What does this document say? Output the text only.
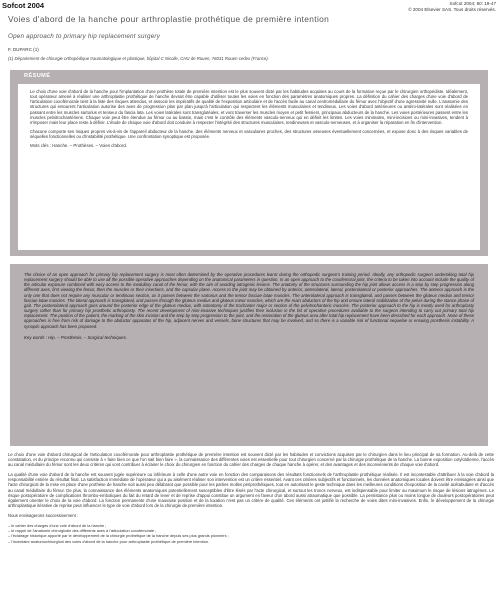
Sofcot 2004	Sofcot 2004; 80: 19-47
© 2004 Elsevier SAS. Tous droits réservés.
Voies d'abord de la hanche pour arthroplastie prothétique de première intention
Open approach to primary hip replacement surgery
F. DUPARC (1)
(1) Département de chirurgie orthopédique traumatologique et plastique, hôpital C Nicolle, CHU de Rouen, 76031 Rouen cedex (France).
RÉSUMÉ

Le choix d'une voie d'abord de la hanche pour l'implantation d'une prothèse totale de première intention est le plus souvent dicté par les habitudes acquises au cours de la formation reçue par le chirurgien orthopédiste. Idéalement, tout opérateur amené à réaliser une arthroplastie prothétique de hanche devrait être capable d'utiliser toutes les voies en fonction des paramètres anatomiques propres. La définition du cahier des charges d'une voie d'abord de l'articulation coxofémorale tient à la liste des risques attendus, et associe les impératifs de qualité de l'exposition articulaire et de l'accès facile au canal centromédullaire du fémur avec l'objectif d'une agressivité nulle. L'anatomie des structures qui entourent l'articulation autorise des axes de progression plan par plan jusqu'à l'articulation qui respectent les éléments musculaires et tendineux. Les voies d'abord antérieures ou antéro-latérales sont réalisées en passant entre les muscles sartorius et tenseur du fascia lata. Les voies latérales sont transglutéales, et vont traverser les muscles moyen et petit fessiers, principaux abducteurs de la hanche. Les voies postérieures passent entre les muscles pelvitrochantériens. Chaque voie peut être étendue au fémur ou au bassin, mais c'est le contrôle des éléments vasculo-nerveux qui en définit les limites. Les voies minimales, mini-incisions ou mini-invasives, tendent à s'imposer mais leur place reste à définir. L'étude de chaque voie d'abord doit conduire à respecter l'intégrité des structures musculaires, tendineuses et vasculo-nerveuses, et à organiser la réparation en fin d'intervention.

Chacune comporte ses risques propres vis-à-vis de l'appareil abducteur de la hanche, des éléments nerveux et vasculaires proches, des structures osseuses éventuellement concernées, et expose donc à des risques variables de séquelles fonctionnelles ou d'instabilité prothétique. Une confrontation synoptique est proposée.

Mots clés : Hanche. – Prothèses. – Voies d'abord.

The choice of an open approach for primary hip replacement surgery is most often determined by the operative procedures learnt during the orthopedic surgeon's training period. Ideally, any orthopedic surgeon undertaking total hip replacement surgery should be able to use all the possible operative approaches depending on the anatomical parameters in question. In an open approach to the coxofemoral joint, the criteria to be taken into account include the quality of the articular exposure combined with easy access to the medullary canal of the femur, with the aim of avoiding iatrogenic lesions. The anatomy of the structures surrounding the hip joint allows access in a step by step progression along different axes, first viewing the femur, then the muscles or their insertions, and the capsular plane. Access to the joint may be obtained by anterior, anterolateral, lateral, posterolateral or posterior approaches. The anterior approach is the only one that does not require any muscular or tendinous section, as it passes between the sartorius and the tensor fasciae latae muscles. The anterolateral approach is transgluteal, and passes between the gluteus medius and tensor fasciae latae muscles. The lateral approach is transgluteal, and passes through the gluteus medius and gluteus minor muscles, which are the main abductors of the hip and ensure lateral stabilization of the pelvis during the stance phase of gait. The posterolateral approach goes around the posterior edge of the gluteus medius, with osteotomy of the trochanter major or section of the pelvitrochanteric muscles. The posterior approach to the hip is mostly used for arthroplasty surgery rather than for primary hip prosthetic arthroplasty. The recent development of mini-invasive techniques justifies their inclusion in the list of operative procedures available to the surgeon intending to carry out primary total hip replacement. The position of the patient, the marking of the skin incision and the step by step progression to the joint, and the restoration of the gluteus area after total hip replacement have been described for each approach. None of these approaches is free from risk of damage to the abductor apparatus of the hip, adjacent nerves and vessels, bone structures that may be involved, and so there is a variable risk of functional sequelae or ensuing prosthesis instability. A synoptic approach has been proposed.

Key words : Hip. – Prosthesis. – Surgical techniques.

Le choix d'une voie d'abord chirurgical de l'articulation coxofémorale pour arthroplastie prothétique de première intention est souvent dicté par les habitudes et convictions acquises par le chirurgien dans le lieu principal de sa formation. Au-delà de cette constatation, et du principe reconnu qui consiste à « faire bien ce que l'on sait bien faire », la connaissance des différentes voies est essentielle pour tout chirurgien concerné par la chirurgie prothétique de la hanche. La bonne exposition cotyloïdienne, l'accès au canal médullaire du fémur sont les deux critères qui vont contribuer à éclairer le choix du chirurgien en fonction du cahier des charges de chaque hanche à opérer, et des avantages et des inconvénients de chaque voie d'abord.

La qualité d'une voie d'abord de la hanche est souvent jugée supérieure ou inférieure à celle d'une autre voie en fonction des comparaisons des résultats fonctionnels de l'arthroplastie prothétique réalisée. Il est incontestable d'attribuer à la voie d'abord la responsabilité entière du résultat final. La satisfaction immédiate de l'opérateur qui a pu aisément réaliser son intervention est un critère essentiel. Avant ces critères subjectifs et fonctionnels, les données anatomiques locales doivent être envisagées ainsi que l'acte chirurgical de la mise en place d'une prothèse de hanche soit aussi peu délabrant que possible pour les parties molles périprothétiques, tout en autorisant le geste technique dans les meilleures conditions d'exposition de la cavité acétabulaire et d'accès au canal médullaire du fémur. De plus, la connaissance des éléments anatomiques potentiellement susceptibles d'être lésés par l'acte chirurgical, et surtout les troncs nerveux, est indispensable pour limiter au maximum le risque de lésions iatrogènes. Le risque postopératoire de complications thrombo-emboliques du fait du retard de lever et de reprise d'appui constitue un argument en faveur d'un abord aussi atraumatique que possible. La persistance plus ou moins longue de douleurs postopératoires peut également orienter le choix de la voie d'abord. La fonction permanente d'une mauvaise position et de la luxation n'est pas un critère de qualité. Ces éléments ont justifié la recherche de voies dites mini-invasives. Enfin, le développement de la chirurgie arthroplastique itérative de reprise peut influencer le type de voie d'abord lors de la chirurgie de première intention.

Nous envisagerons successivement :

– le cahier des charges d'une voie d'abord de la hanche ;
– le rappel de l'anatomie chirurgicale des différents axes à l'articulation coxofémorale ;
– l'éclairage historique apporté par le développement de la chirurgie prothétique de la hanche depuis ses plus grands pionniers ;
– l'inventaire anatomochirurgical des voies d'abord de la hanche pour arthroplastie prothétique de première intention.
